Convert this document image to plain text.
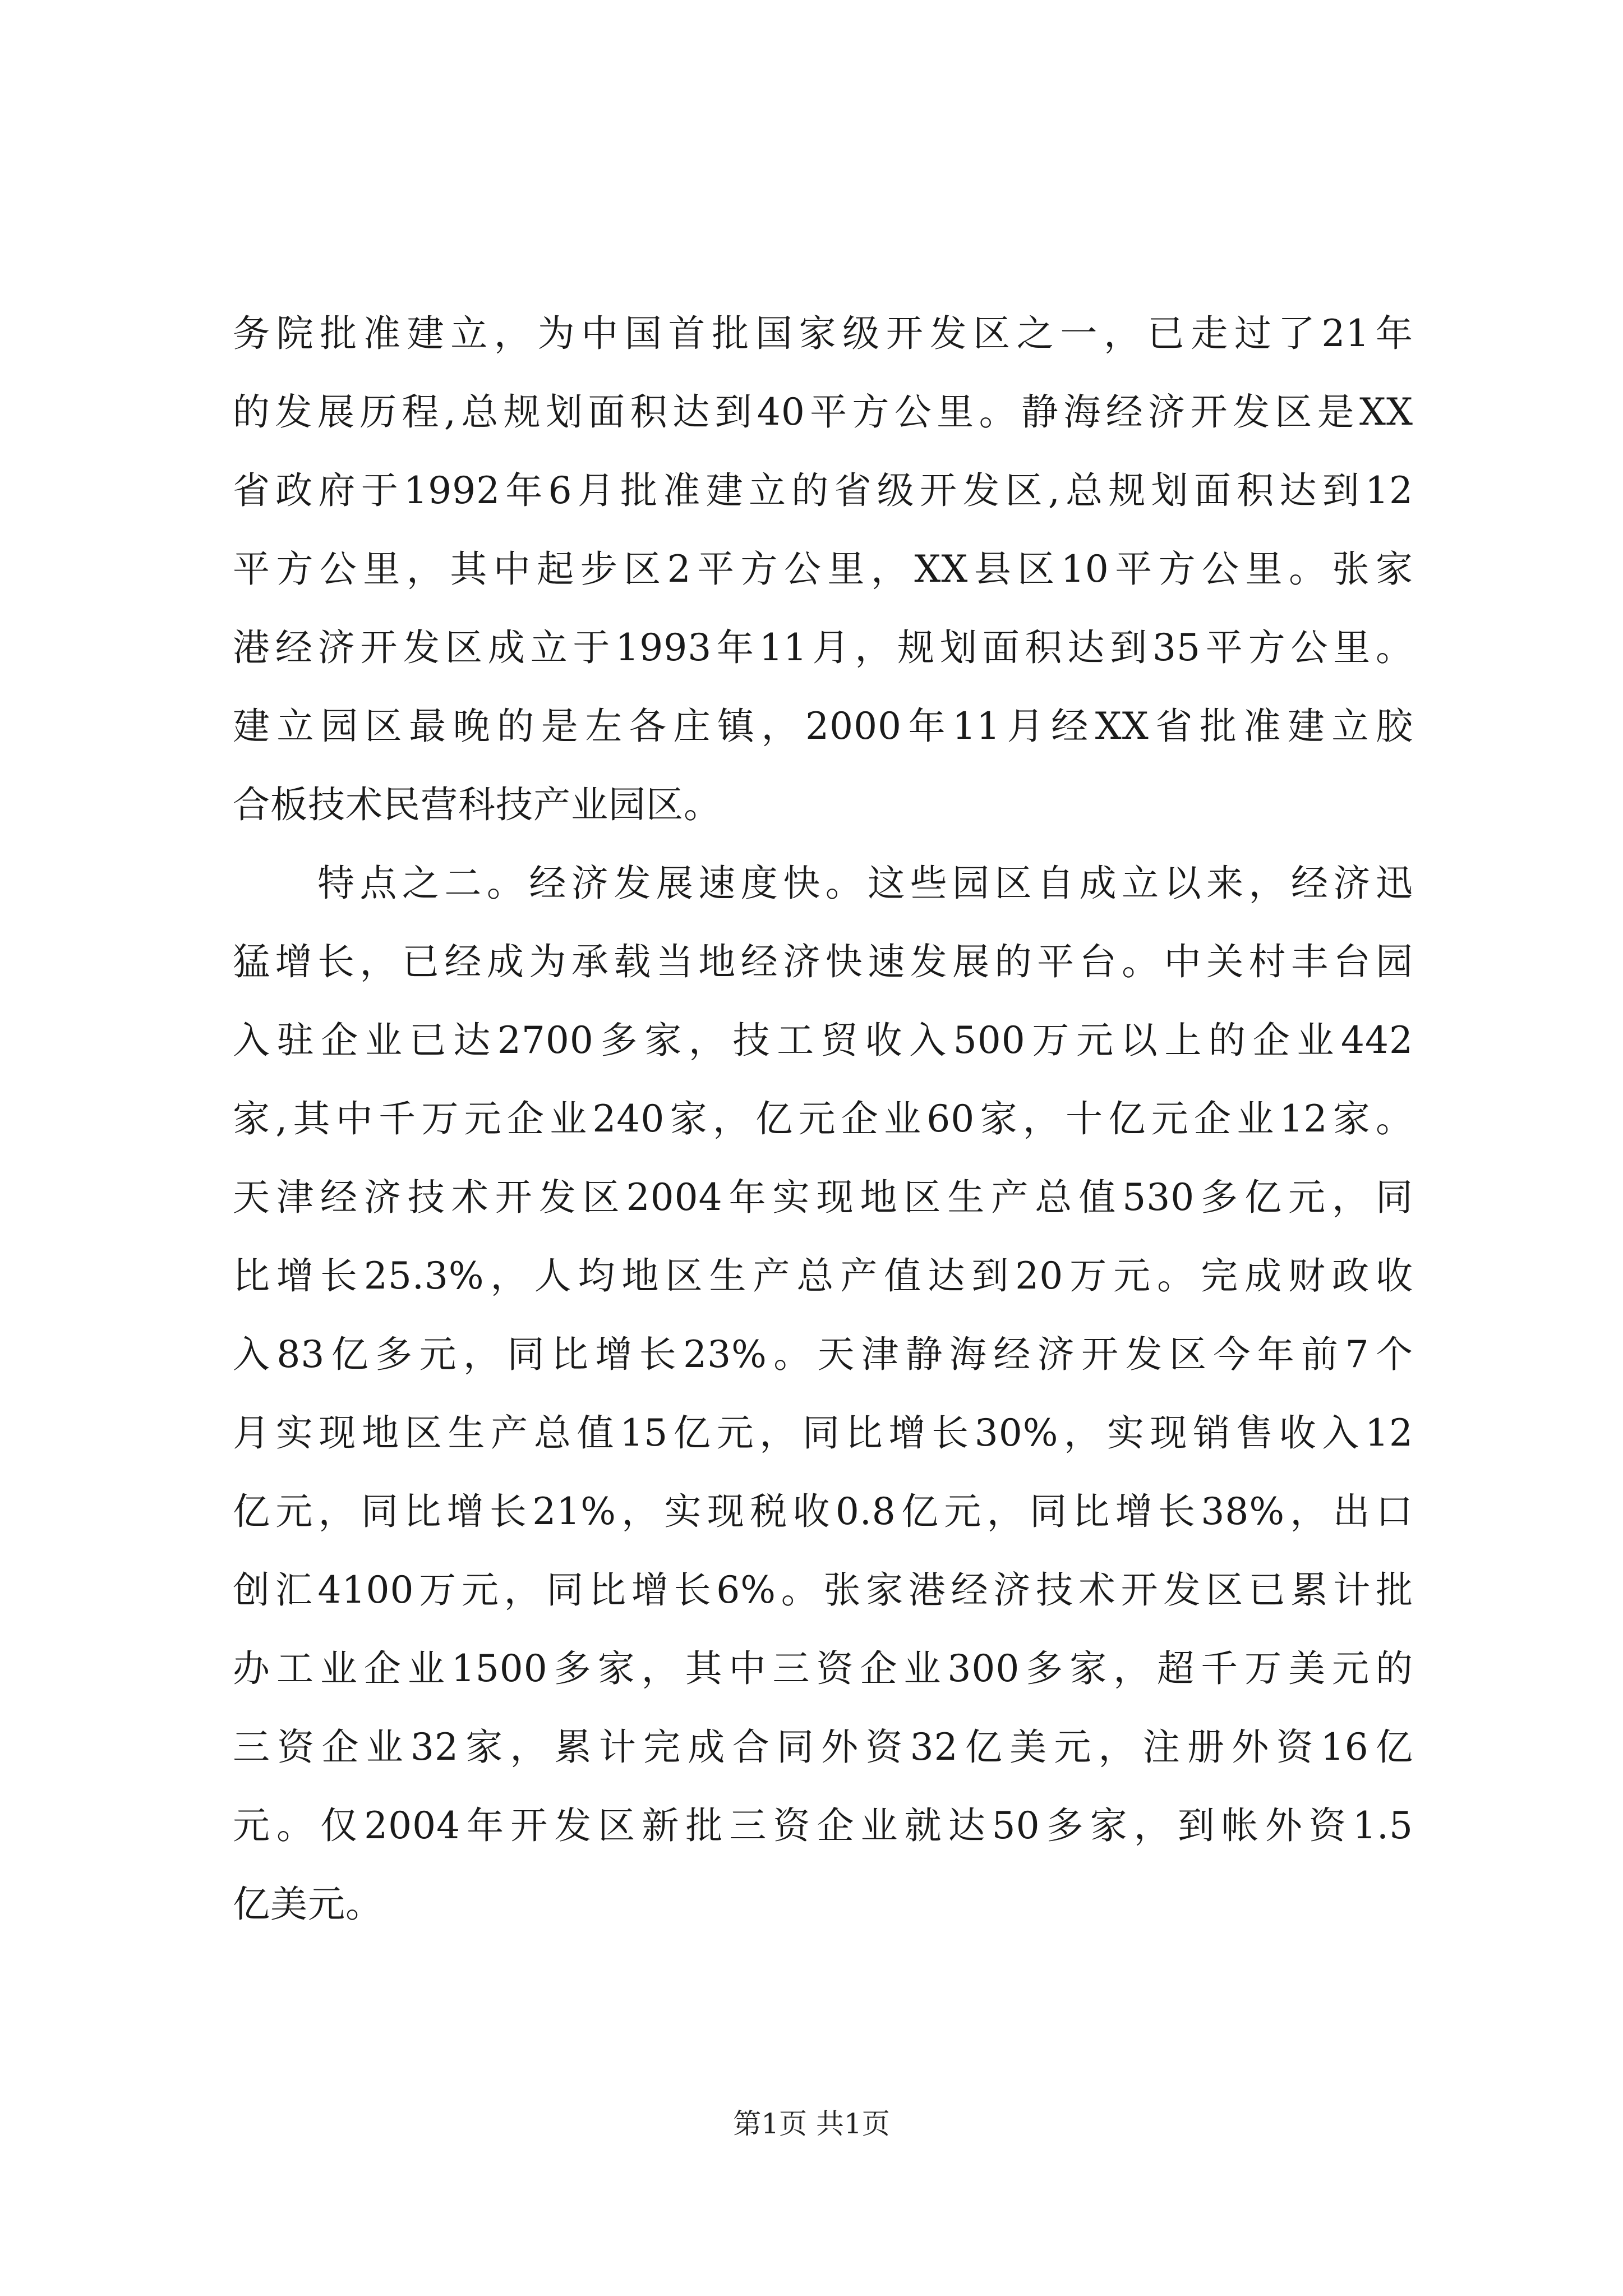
务院批准建立，为中国首批国家级开发区之一，已走过了21年
的发展历程,总规划面积达到40平方公里。静海经济开发区是XX
省政府于1992年6月批准建立的省级开发区,总规划面积达到12
平方公里，其中起步区2平方公里，XX县区10平方公里。张家
港经济开发区成立于1993年11月，规划面积达到35平方公里。
建立园区最晚的是左各庄镇，2000年11月经XX省批准建立胶
合板技术民营科技产业园区。
　　特点之二。经济发展速度快。这些园区自成立以来，经济迅
猛增长，已经成为承载当地经济快速发展的平台。中关村丰台园
入驻企业已达2700多家，技工贸收入500万元以上的企业442
家,其中千万元企业240家，亿元企业60家，十亿元企业12家。
天津经济技术开发区2004年实现地区生产总值530多亿元，同
比增长25.3%，人均地区生产总产值达到20万元。完成财政收
入83亿多元，同比增长23%。天津静海经济开发区今年前7个
月实现地区生产总值15亿元，同比增长30%，实现销售收入12
亿元，同比增长21%，实现税收0.8亿元，同比增长38%，出口
创汇4100万元，同比增长6%。张家港经济技术开发区已累计批
办工业企业1500多家，其中三资企业300多家，超千万美元的
三资企业32家，累计完成合同外资32亿美元，注册外资16亿
元。仅2004年开发区新批三资企业就达50多家，到帐外资1.5
亿美元。
第1页 共1页
